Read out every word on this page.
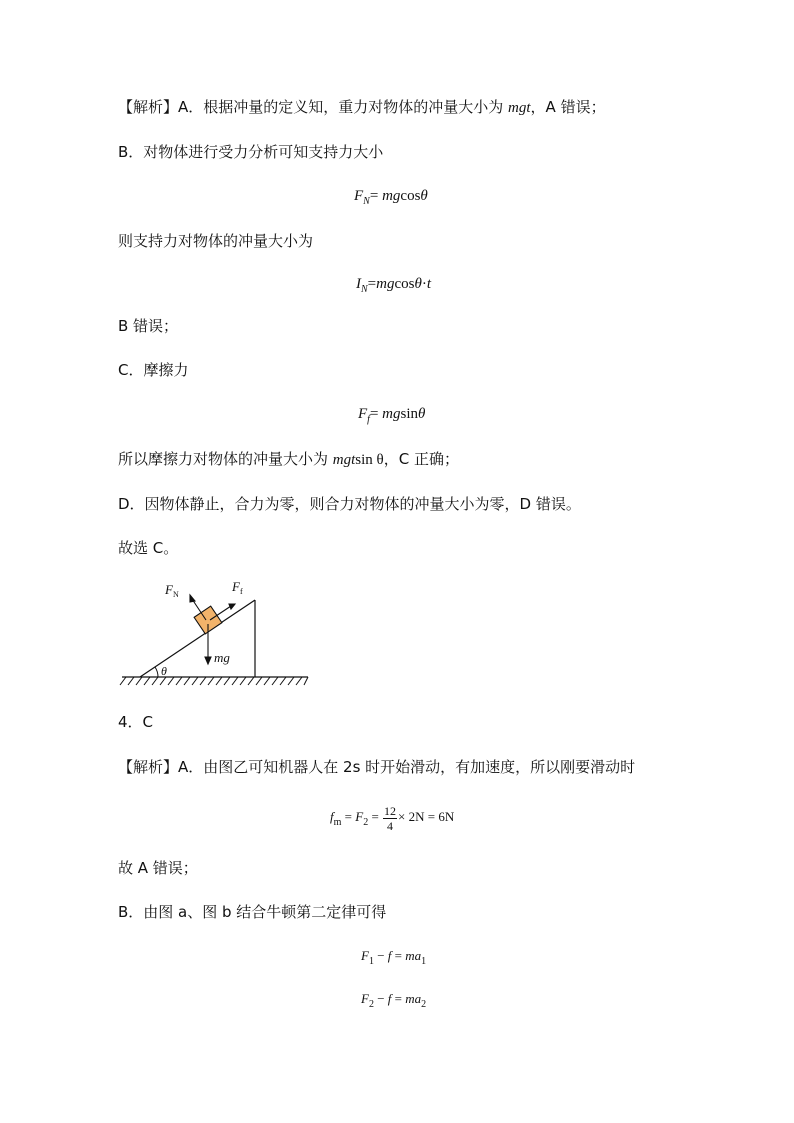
【解析】A．根据冲量的定义知，重力对物体的冲量大小为 mgt，A 错误；
B．对物体进行受力分析可知支持力大小
$F_N= mgcos\theta$
则支持力对物体的冲量大小为
$I_N=mgcos\theta\cdot t$
B 错误；
C．摩擦力
$F_f= mgsin\theta$
所以摩擦力对物体的冲量大小为 mgtsin θ，C 正确；
D．因物体静止，合力为零，则合力对物体的冲量大小为零，D 错误。
故选 C。
θ
$F_N$
$F_f$
mg
4．C
【解析】A．由图乙可知机器人在 2s 时开始滑动，有加速度，所以刚要滑动时
$f_m = F_2 = \frac{12}{4} \times 2N = 6N$
故 A 错误；
B．由图 a、图 b 结合牛顿第二定律可得
$F_1 - f = ma_1$
$F_2 - f = ma_2$
